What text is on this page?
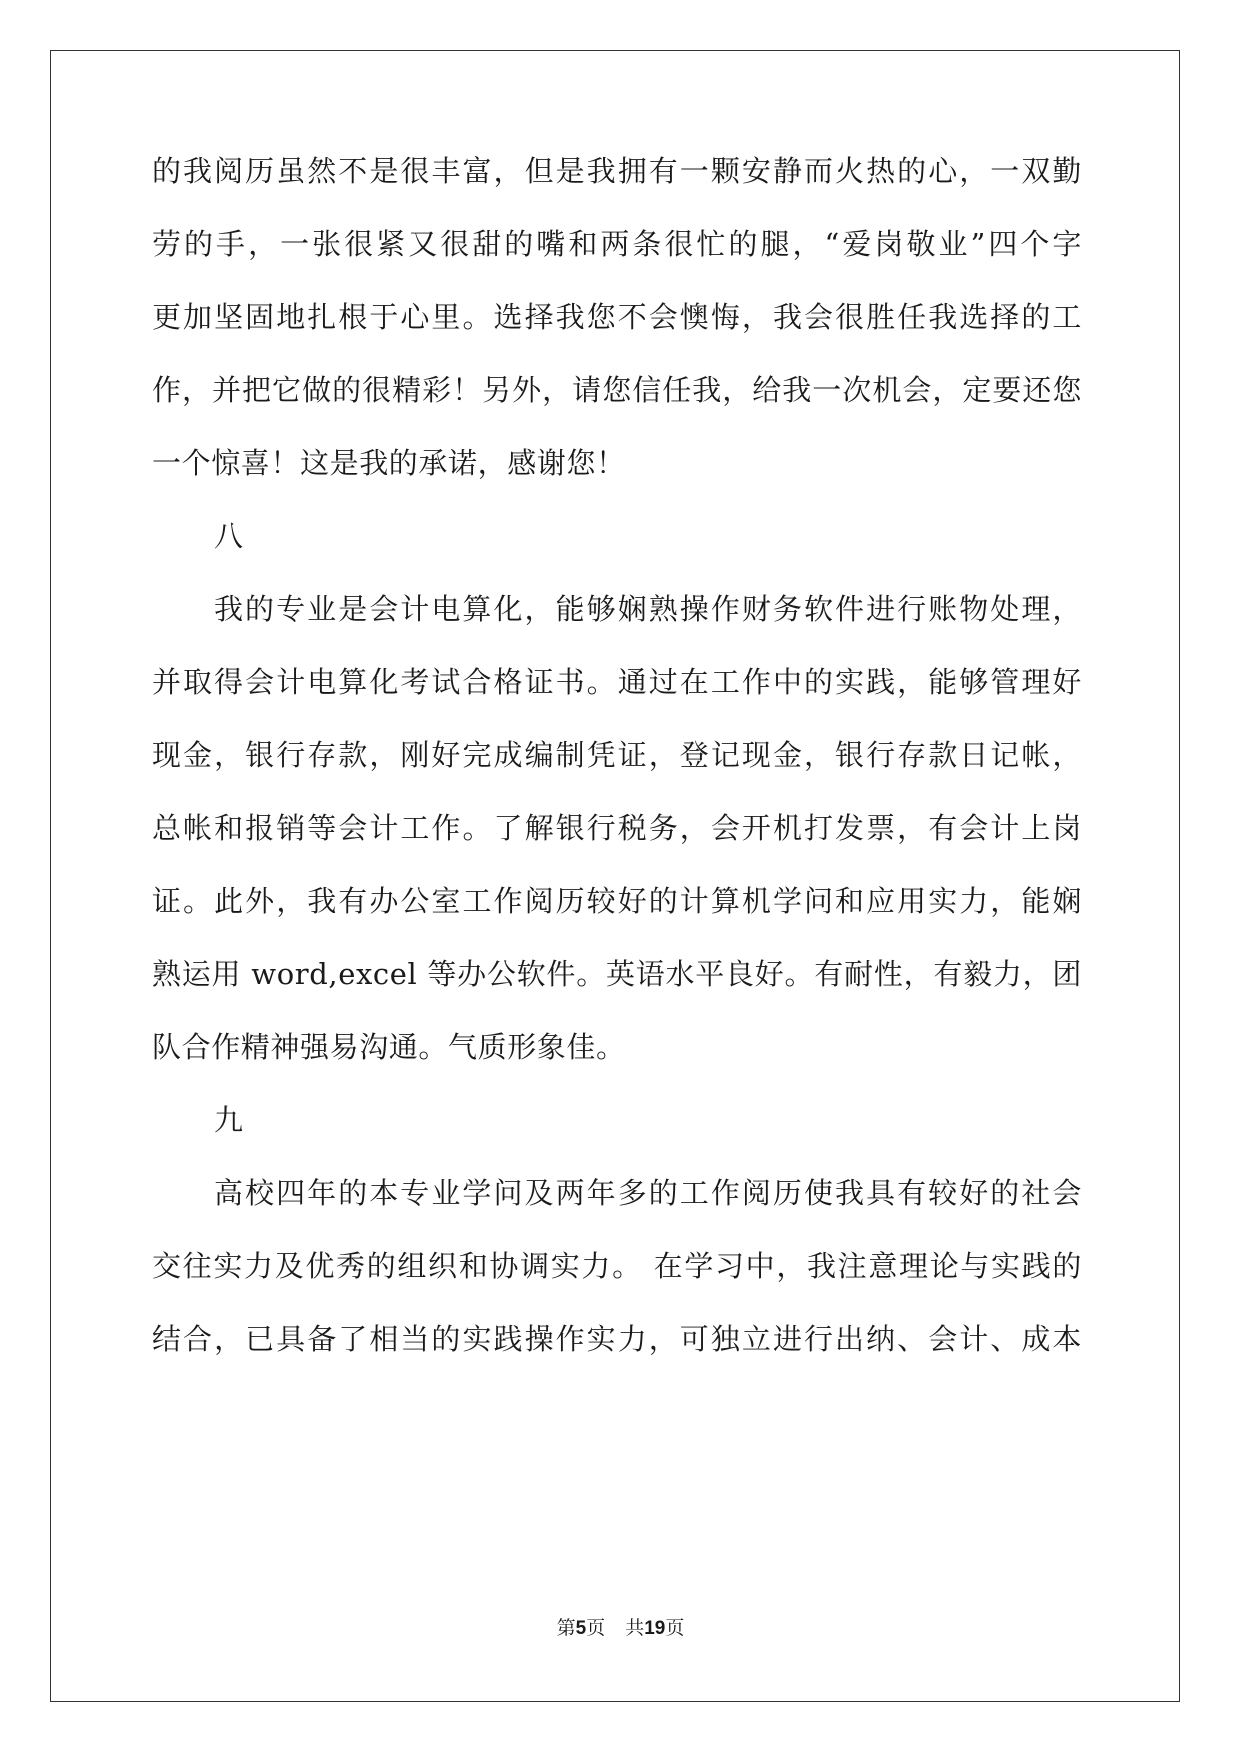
的我阅历虽然不是很丰富，但是我拥有一颗安静而火热的心，一双勤
劳的手，一张很紧又很甜的嘴和两条很忙的腿，“爱岗敬业”四个字
更加坚固地扎根于心里。选择我您不会懊悔，我会很胜任我选择的工
作，并把它做的很精彩！另外，请您信任我，给我一次机会，定要还您
一个惊喜！这是我的承诺，感谢您！
八
我的专业是会计电算化，能够娴熟操作财务软件进行账物处理，
并取得会计电算化考试合格证书。通过在工作中的实践，能够管理好
现金，银行存款，刚好完成编制凭证，登记现金，银行存款日记帐，
总帐和报销等会计工作。了解银行税务，会开机打发票，有会计上岗
证。此外，我有办公室工作阅历较好的计算机学问和应用实力，能娴
熟运用 word,excel 等办公软件。英语水平良好。有耐性，有毅力，团
队合作精神强易沟通。气质形象佳。
九
高校四年的本专业学问及两年多的工作阅历使我具有较好的社会
交往实力及优秀的组织和协调实力。 在学习中，我注意理论与实践的
结合，已具备了相当的实践操作实力，可独立进行出纳、会计、成本
第5页 共19页
